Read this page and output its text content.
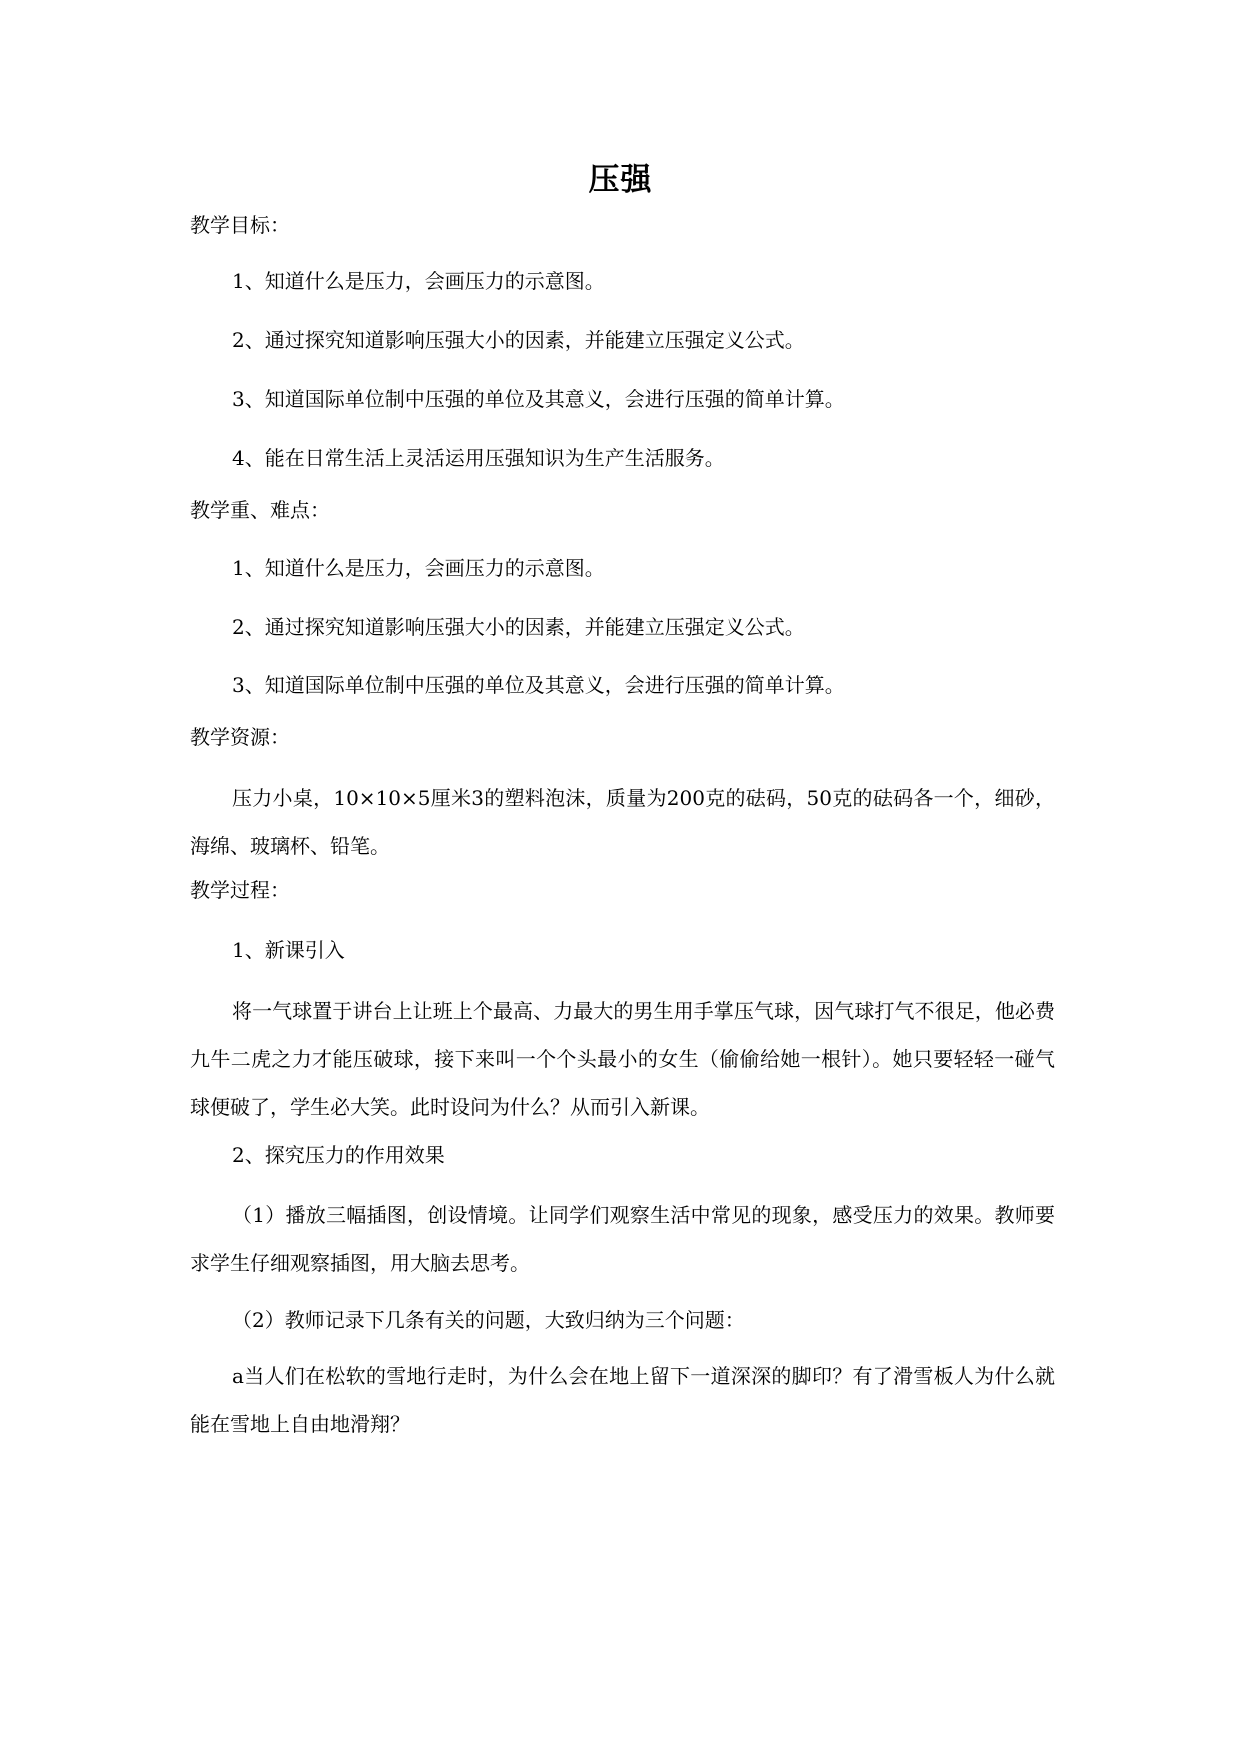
压强
教学目标：
1、知道什么是压力，会画压力的示意图。
2、通过探究知道影响压强大小的因素，并能建立压强定义公式。
3、知道国际单位制中压强的单位及其意义，会进行压强的简单计算。
4、能在日常生活上灵活运用压强知识为生产生活服务。
教学重、难点：
1、知道什么是压力，会画压力的示意图。
2、通过探究知道影响压强大小的因素，并能建立压强定义公式。
3、知道国际单位制中压强的单位及其意义，会进行压强的简单计算。
教学资源：
压力小桌，10×10×5厘米3的塑料泡沫，质量为200克的砝码，50克的砝码各一个，细砂，海绵、玻璃杯、铅笔。
教学过程：
1、新课引入
将一气球置于讲台上让班上个最高、力最大的男生用手掌压气球，因气球打气不很足，他必费九牛二虎之力才能压破球，接下来叫一个个头最小的女生（偷偷给她一根针）。她只要轻轻一碰气球便破了，学生必大笑。此时设问为什么？从而引入新课。
2、探究压力的作用效果
（1）播放三幅插图，创设情境。让同学们观察生活中常见的现象，感受压力的效果。教师要求学生仔细观察插图，用大脑去思考。
（2）教师记录下几条有关的问题，大致归纳为三个问题：
a当人们在松软的雪地行走时，为什么会在地上留下一道深深的脚印？有了滑雪板人为什么就能在雪地上自由地滑翔？
